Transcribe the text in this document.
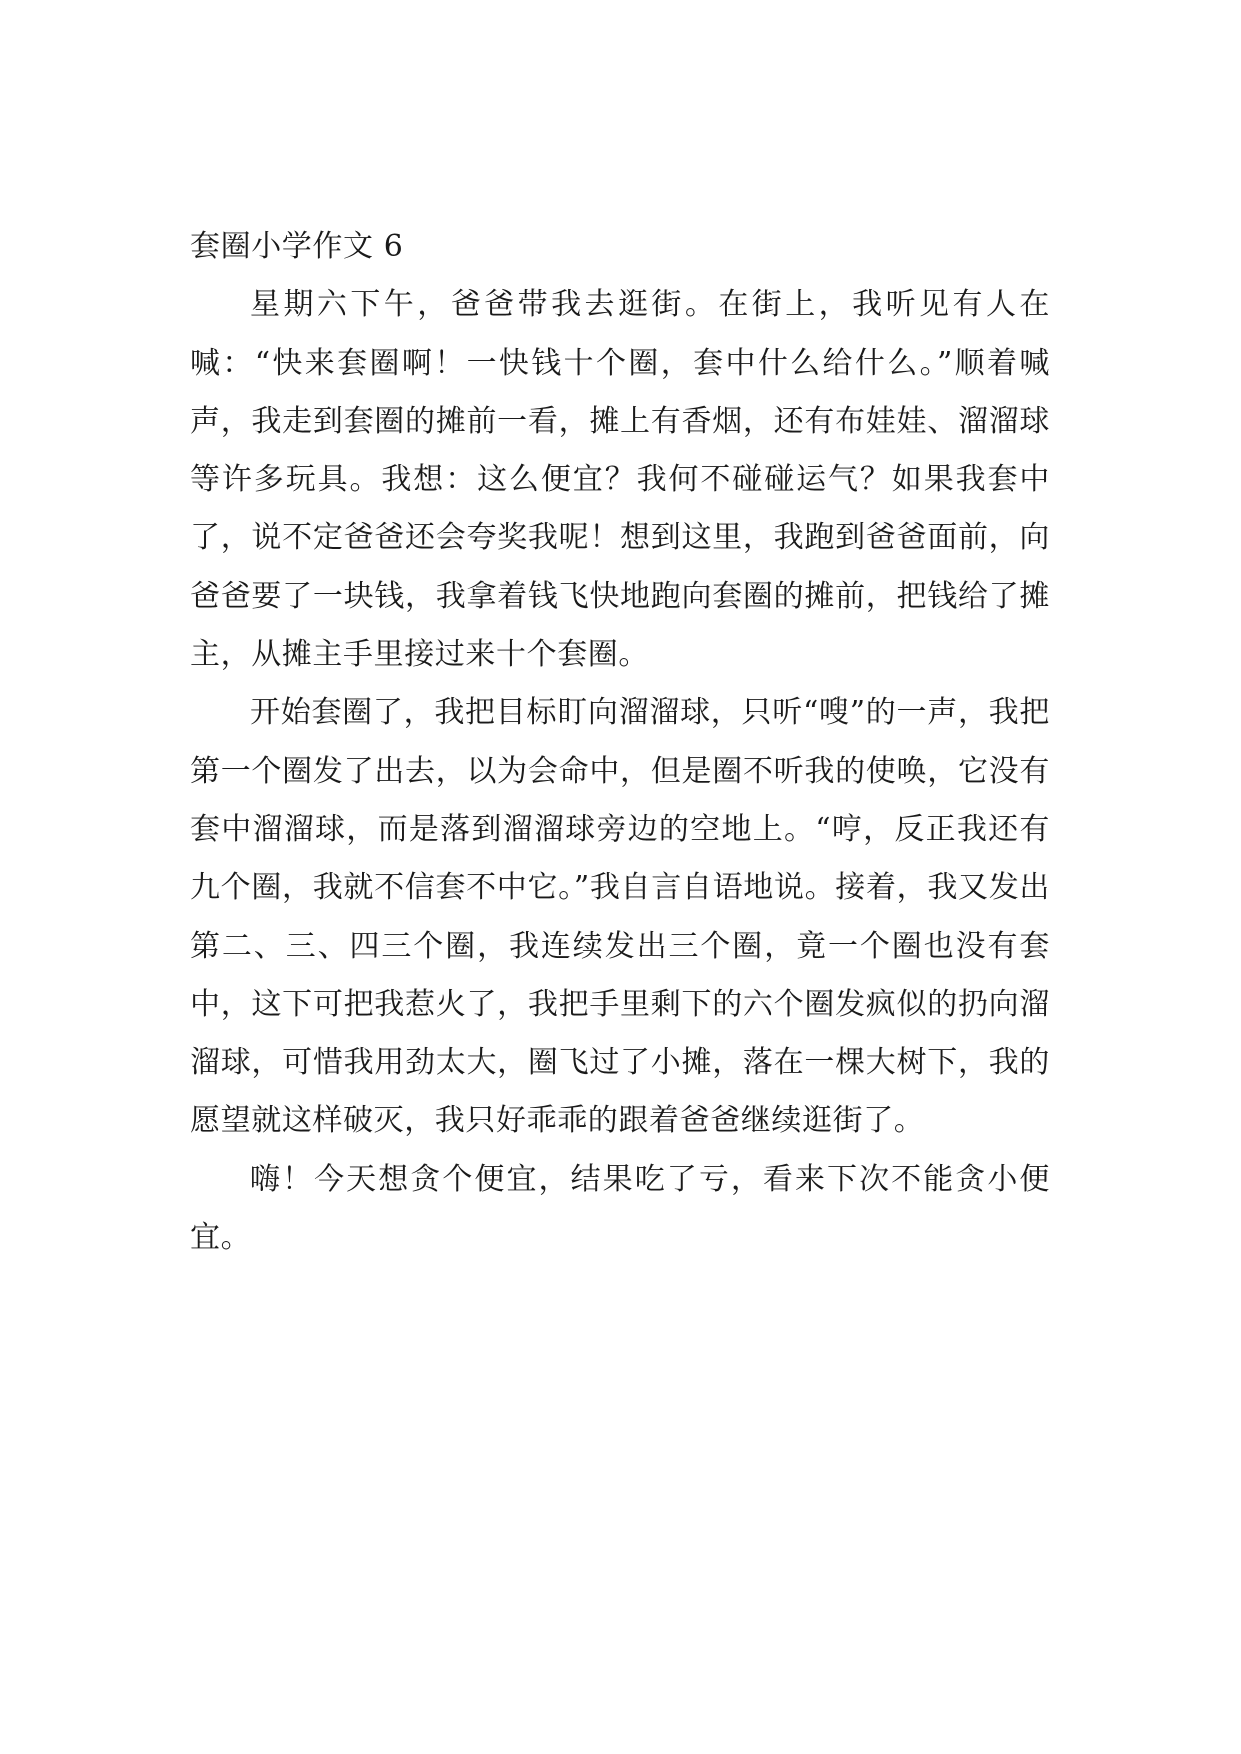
套圈小学作文 6

星期六下午，爸爸带我去逛街。在街上，我听见有人在喊：“快来套圈啊！一快钱十个圈，套中什么给什么。”顺着喊声，我走到套圈的摊前一看，摊上有香烟，还有布娃娃、溜溜球等许多玩具。我想：这么便宜？我何不碰碰运气？如果我套中了，说不定爸爸还会夸奖我呢！想到这里，我跑到爸爸面前，向爸爸要了一块钱，我拿着钱飞快地跑向套圈的摊前，把钱给了摊主，从摊主手里接过来十个套圈。

开始套圈了，我把目标盯向溜溜球，只听“嗖”的一声，我把第一个圈发了出去，以为会命中，但是圈不听我的使唤，它没有套中溜溜球，而是落到溜溜球旁边的空地上。“哼，反正我还有九个圈，我就不信套不中它。”我自言自语地说。接着，我又发出第二、三、四三个圈，我连续发出三个圈，竟一个圈也没有套中，这下可把我惹火了，我把手里剩下的六个圈发疯似的扔向溜溜球，可惜我用劲太大，圈飞过了小摊，落在一棵大树下，我的愿望就这样破灭，我只好乖乖的跟着爸爸继续逛街了。

嗨！今天想贪个便宜，结果吃了亏，看来下次不能贪小便宜。
